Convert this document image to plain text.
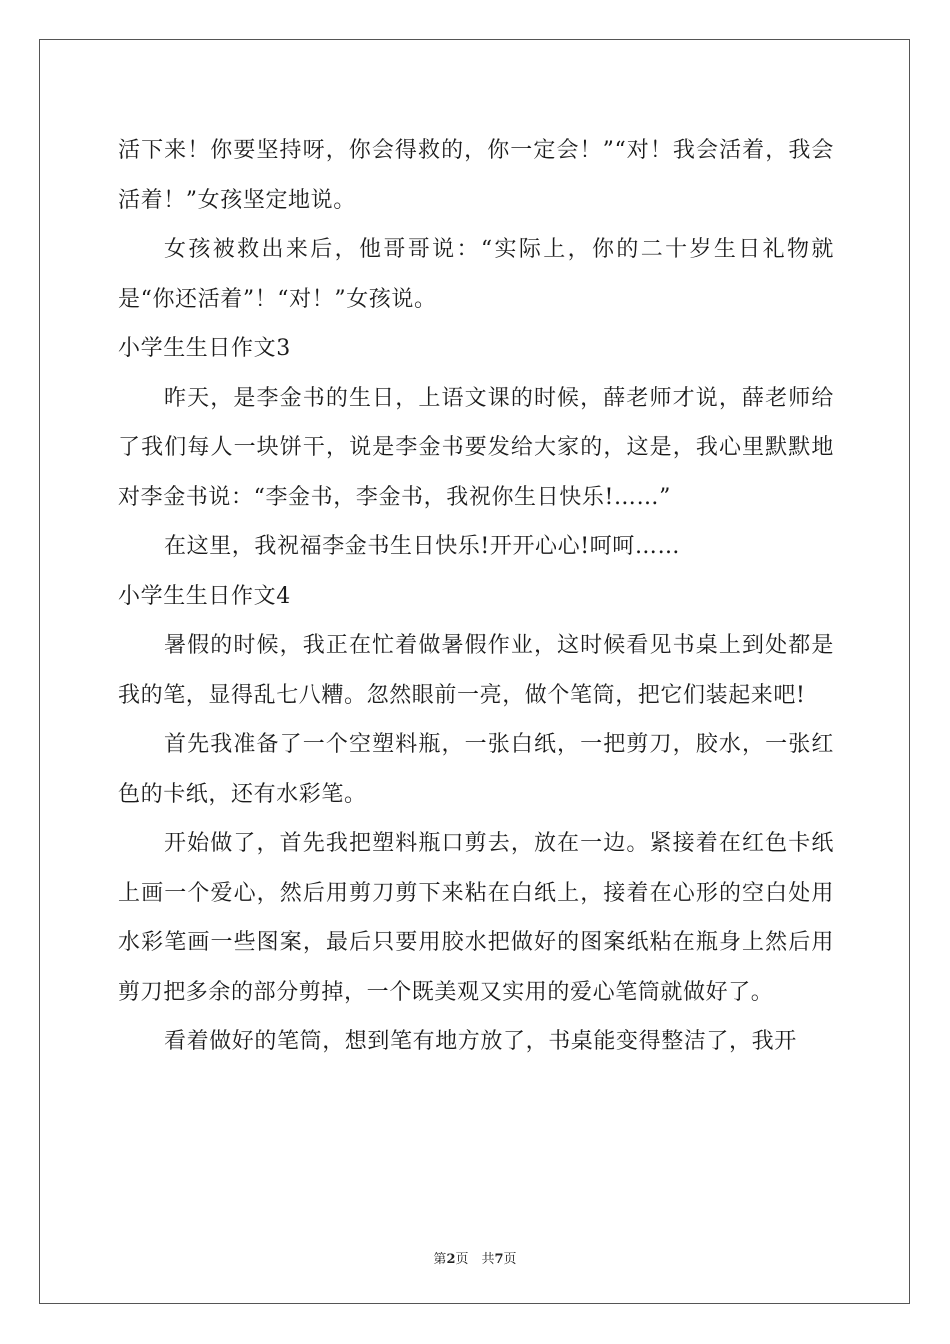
活下来！你要坚持呀，你会得救的，你一定会！”“对！我会活着，我会活着！”女孩坚定地说。

女孩被救出来后，他哥哥说：“实际上，你的二十岁生日礼物就是“你还活着”！“对！”女孩说。

小学生生日作文3

昨天，是李金书的生日，上语文课的时候，薛老师才说，薛老师给了我们每人一块饼干，说是李金书要发给大家的，这是，我心里默默地对李金书说：“李金书，李金书，我祝你生日快乐!……”

在这里，我祝福李金书生日快乐!开开心心!呵呵……

小学生生日作文4

暑假的时候，我正在忙着做暑假作业，这时候看见书桌上到处都是我的笔，显得乱七八糟。忽然眼前一亮，做个笔筒，把它们装起来吧!

首先我准备了一个空塑料瓶，一张白纸，一把剪刀，胶水，一张红色的卡纸，还有水彩笔。

开始做了，首先我把塑料瓶口剪去，放在一边。紧接着在红色卡纸上画一个爱心，然后用剪刀剪下来粘在白纸上，接着在心形的空白处用水彩笔画一些图案，最后只要用胶水把做好的图案纸粘在瓶身上然后用剪刀把多余的部分剪掉，一个既美观又实用的爱心笔筒就做好了。

看着做好的笔筒，想到笔有地方放了，书桌能变得整洁了，我开

第2页　共7页
